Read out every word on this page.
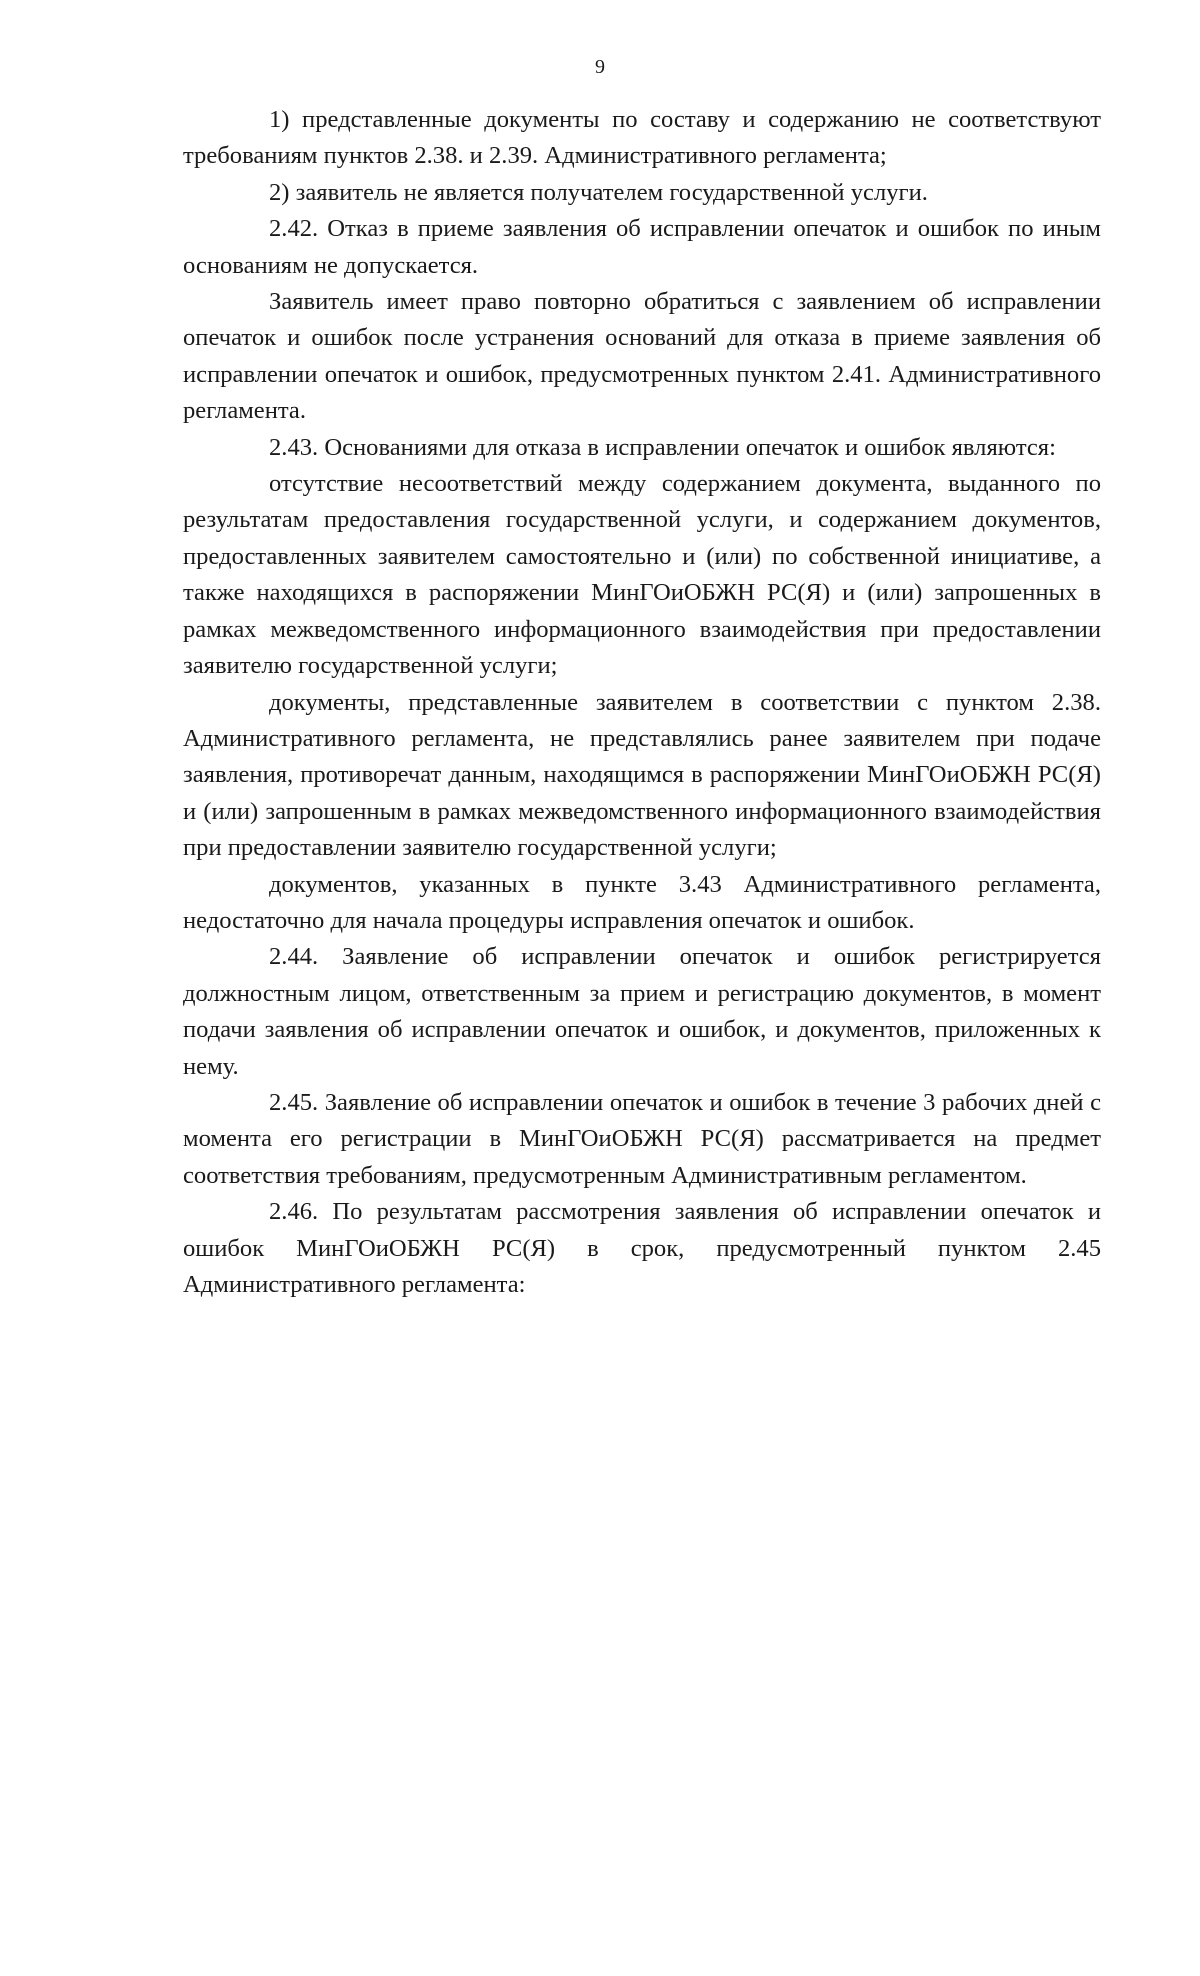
9

1) представленные документы по составу и содержанию не соответствуют требованиям пунктов 2.38. и 2.39. Административного регламента;

2) заявитель не является получателем государственной услуги.

2.42. Отказ в приеме заявления об исправлении опечаток и ошибок по иным основаниям не допускается.

Заявитель имеет право повторно обратиться с заявлением об исправлении опечаток и ошибок после устранения оснований для отказа в приеме заявления об исправлении опечаток и ошибок, предусмотренных пунктом 2.41. Административного регламента.

2.43. Основаниями для отказа в исправлении опечаток и ошибок являются:

отсутствие несоответствий между содержанием документа, выданного по результатам предоставления государственной услуги, и содержанием документов, предоставленных заявителем самостоятельно и (или) по собственной инициативе, а также находящихся в распоряжении МинГОиОБЖН РС(Я) и (или) запрошенных в рамках межведомственного информационного взаимодействия при предоставлении заявителю государственной услуги;

документы, представленные заявителем в соответствии с пунктом 2.38. Административного регламента, не представлялись ранее заявителем при подаче заявления, противоречат данным, находящимся в распоряжении МинГОиОБЖН РС(Я) и (или) запрошенным в рамках межведомственного информационного взаимодействия при предоставлении заявителю государственной услуги;

документов, указанных в пункте 3.43 Административного регламента, недостаточно для начала процедуры исправления опечаток и ошибок.

2.44. Заявление об исправлении опечаток и ошибок регистрируется должностным лицом, ответственным за прием и регистрацию документов, в момент подачи заявления об исправлении опечаток и ошибок, и документов, приложенных к нему.

2.45. Заявление об исправлении опечаток и ошибок в течение 3 рабочих дней с момента его регистрации в МинГОиОБЖН РС(Я) рассматривается на предмет соответствия требованиям, предусмотренным Административным регламентом.

2.46. По результатам рассмотрения заявления об исправлении опечаток и ошибок МинГОиОБЖН РС(Я) в срок, предусмотренный пунктом 2.45 Административного регламента:
